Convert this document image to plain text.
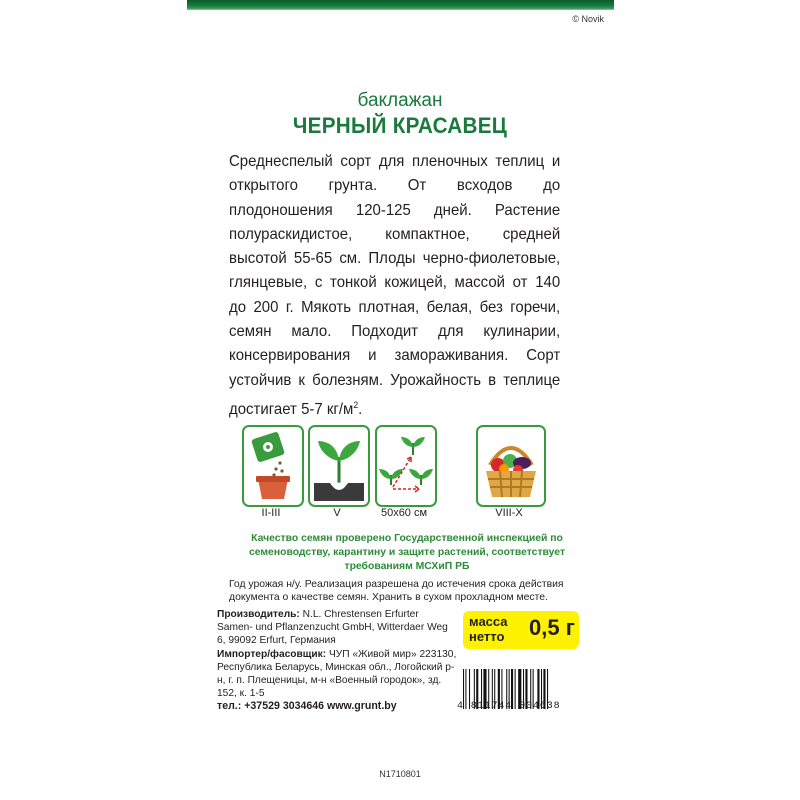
© Novik
баклажан
ЧЕРНЫЙ КРАСАВЕЦ
Среднеспелый сорт для пленочных теплиц и открытого грунта. От всходов до плодоношения 120-125 дней. Растение полураскидистое, компактное, средней высотой 55-65 см. Плоды черно-фиолетовые, глянцевые, с тонкой кожицей, массой от 140 до 200 г. Мякоть плотная, белая, без горечи, семян мало. Подходит для кулинарии, консервирования и замораживания. Сорт устойчив к болезням. Урожайность в теплице достигает 5-7 $кг/м^2$.
II-III	V	50x60 см	VIII-X
Качество семян проверено Государственной инспекцией по семеноводству, карантину и защите растений, соответствует требованиям МСХиП РБ
Год урожая н/у. Реализация разрешена до истечения срока действия документа о качестве семян. Хранить в сухом прохладном месте.
Производитель: N.L. Chrestensen Erfurter Samen- und Pflanzenzucht GmbH, Witterdaer Weg 6, 99092 Erfurt, Германия
Импортер/фасовщик: ЧУП «Живой мир» 223130, Республика Беларусь, Минская обл., Логойский р-н, г. п. Плещеницы, м-н «Военный городок», зд. 152, к. 1-5
тел.: +37529 3034646 www.grunt.by
масса
нетто 0,5 г
4 811744 004638
N1710801
